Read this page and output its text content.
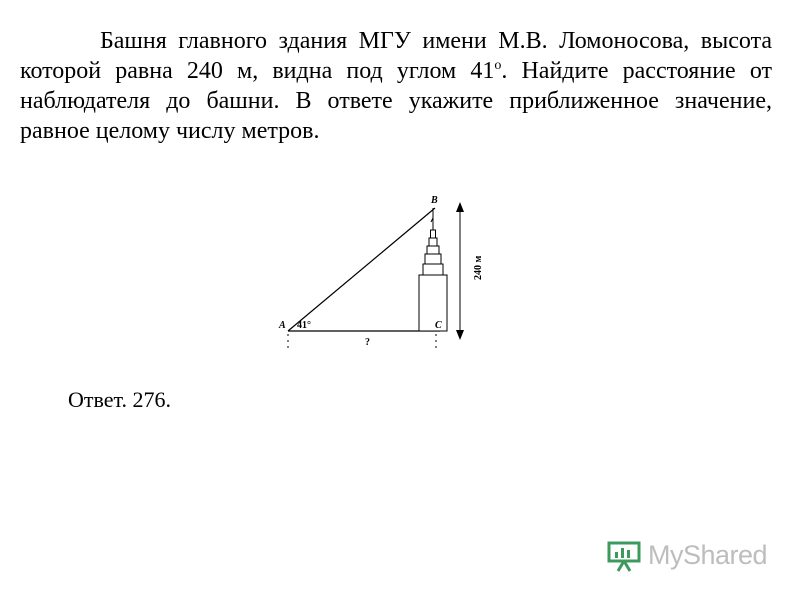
Башня главного здания МГУ имени М.В. Ломоносова, высота которой равна 240 м, видна под углом 41$^o$. Найдите расстояние от наблюдателя до башни. В ответе укажите приближенное значение, равное целому числу метров.

A
B
C
41°
?
240 м

Ответ. 276.

MyShared
